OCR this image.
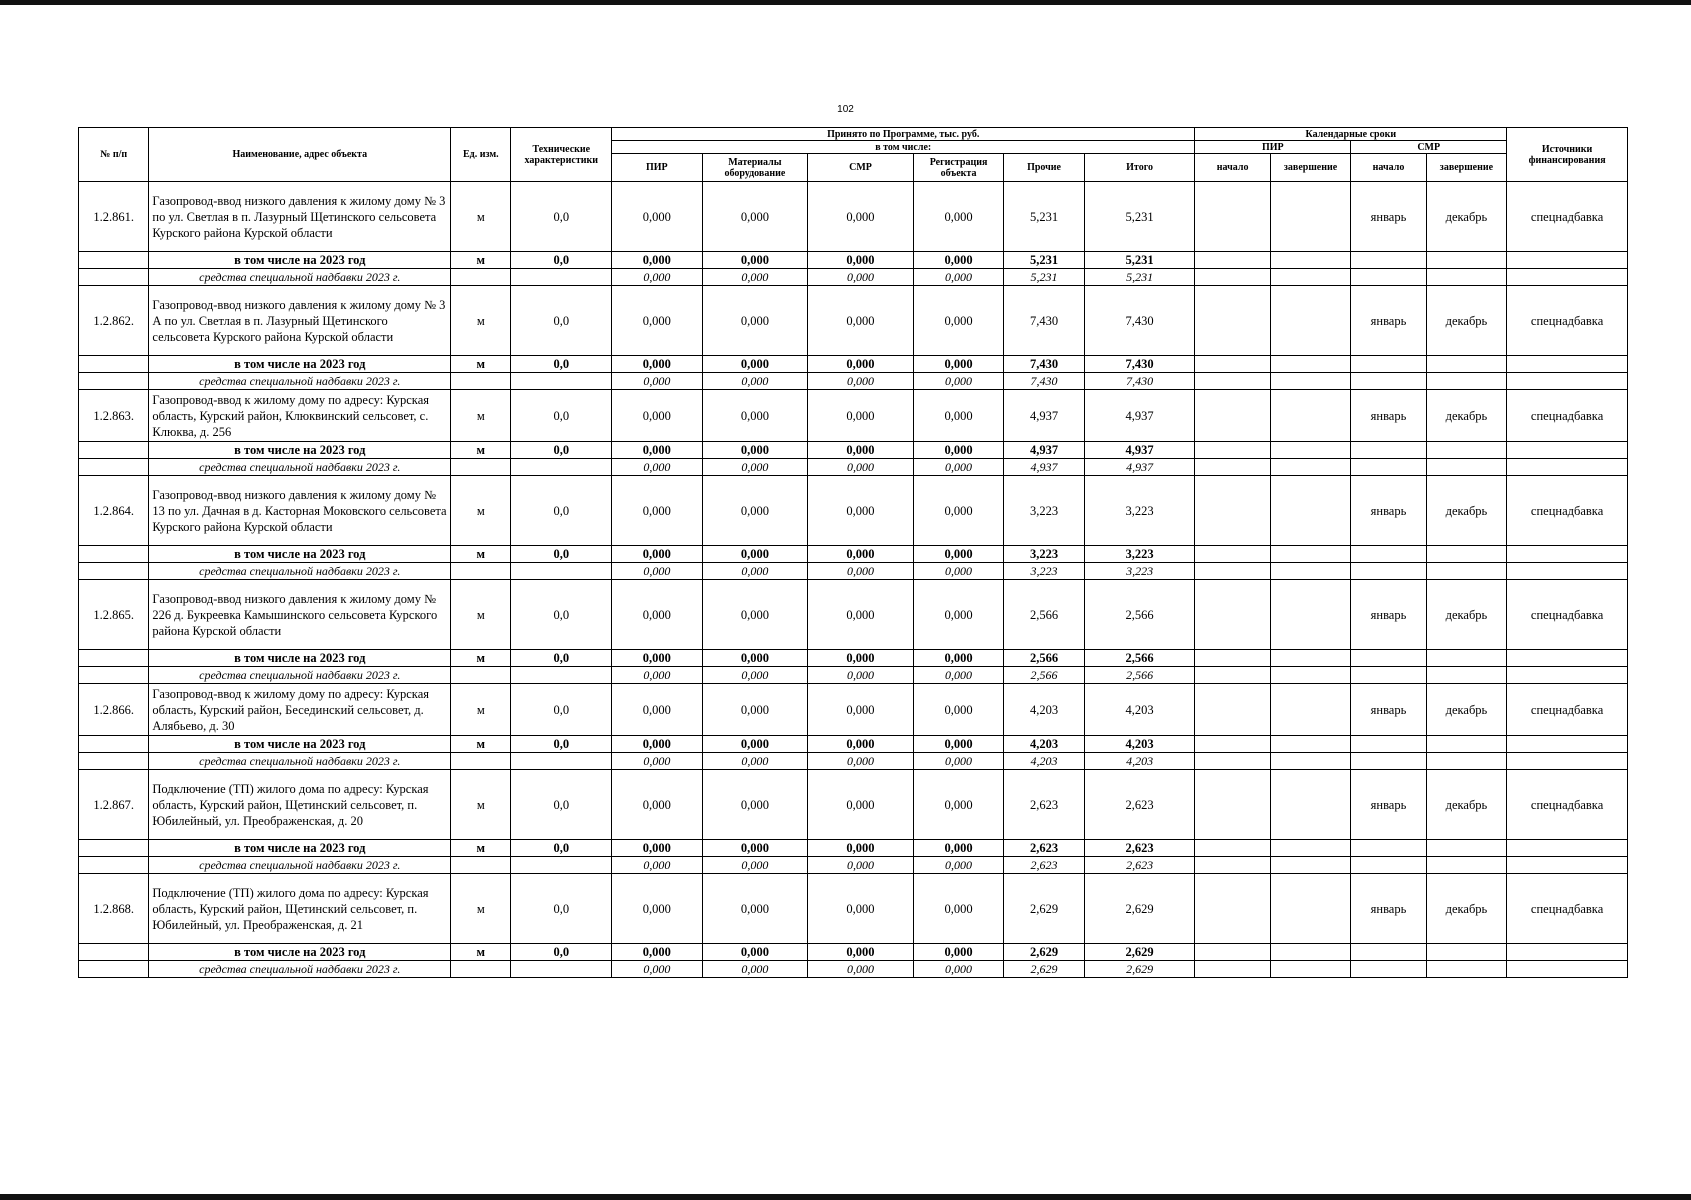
102
№ п/п	Наименование, адрес объекта	Ед. изм.	Технические характеристики	Принято по Программе, тыс. руб.						Календарные сроки				Источники финансирования
				в том числе:						ПИР		СМР		
				ПИР	Материалы оборудование	СМР	Регистрация объекта	Прочие	Итого	начало	завершение	начало	завершение	
1.2.861.	Газопровод-ввод низкого давления к жилому дому № 3 по ул. Светлая в п. Лазурный Щетинского сельсовета Курского района Курской области	м	0,0	0,000	0,000	0,000	0,000	5,231	5,231			январь	декабрь	спецнадбавка
	в том числе на 2023 год	м	0,0	0,000	0,000	0,000	0,000	5,231	5,231					
	средства специальной надбавки 2023 г.			0,000	0,000	0,000	0,000	5,231	5,231					
1.2.862.	Газопровод-ввод низкого давления к жилому дому № 3 А по ул. Светлая в п. Лазурный Щетинского сельсовета Курского района Курской области	м	0,0	0,000	0,000	0,000	0,000	7,430	7,430			январь	декабрь	спецнадбавка
	в том числе на 2023 год	м	0,0	0,000	0,000	0,000	0,000	7,430	7,430					
	средства специальной надбавки 2023 г.			0,000	0,000	0,000	0,000	7,430	7,430					
1.2.863.	Газопровод-ввод к жилому дому по адресу: Курская область, Курский район, Клюквинский сельсовет, с. Клюква, д. 256	м	0,0	0,000	0,000	0,000	0,000	4,937	4,937			январь	декабрь	спецнадбавка
	в том числе на 2023 год	м	0,0	0,000	0,000	0,000	0,000	4,937	4,937					
	средства специальной надбавки 2023 г.			0,000	0,000	0,000	0,000	4,937	4,937					
1.2.864.	Газопровод-ввод низкого давления к жилому дому № 13 по ул. Дачная в д. Касторная Моковского сельсовета Курского района Курской области	м	0,0	0,000	0,000	0,000	0,000	3,223	3,223			январь	декабрь	спецнадбавка
	в том числе на 2023 год	м	0,0	0,000	0,000	0,000	0,000	3,223	3,223					
	средства специальной надбавки 2023 г.			0,000	0,000	0,000	0,000	3,223	3,223					
1.2.865.	Газопровод-ввод низкого давления к жилому дому № 226 д. Букреевка Камышинского сельсовета Курского района Курской области	м	0,0	0,000	0,000	0,000	0,000	2,566	2,566			январь	декабрь	спецнадбавка
	в том числе на 2023 год	м	0,0	0,000	0,000	0,000	0,000	2,566	2,566					
	средства специальной надбавки 2023 г.			0,000	0,000	0,000	0,000	2,566	2,566					
1.2.866.	Газопровод-ввод к жилому дому по адресу: Курская область, Курский район, Бесединский сельсовет, д. Алябьево, д. 30	м	0,0	0,000	0,000	0,000	0,000	4,203	4,203			январь	декабрь	спецнадбавка
	в том числе на 2023 год	м	0,0	0,000	0,000	0,000	0,000	4,203	4,203					
	средства специальной надбавки 2023 г.			0,000	0,000	0,000	0,000	4,203	4,203					
1.2.867.	Подключение (ТП) жилого дома по адресу: Курская область, Курский район, Щетинский сельсовет, п. Юбилейный, ул. Преображенская, д. 20	м	0,0	0,000	0,000	0,000	0,000	2,623	2,623			январь	декабрь	спецнадбавка
	в том числе на 2023 год	м	0,0	0,000	0,000	0,000	0,000	2,623	2,623					
	средства специальной надбавки 2023 г.			0,000	0,000	0,000	0,000	2,623	2,623					
1.2.868.	Подключение (ТП) жилого дома по адресу: Курская область, Курский район, Щетинский сельсовет, п. Юбилейный, ул. Преображенская, д. 21	м	0,0	0,000	0,000	0,000	0,000	2,629	2,629			январь	декабрь	спецнадбавка
	в том числе на 2023 год	м	0,0	0,000	0,000	0,000	0,000	2,629	2,629					
	средства специальной надбавки 2023 г.			0,000	0,000	0,000	0,000	2,629	2,629					
